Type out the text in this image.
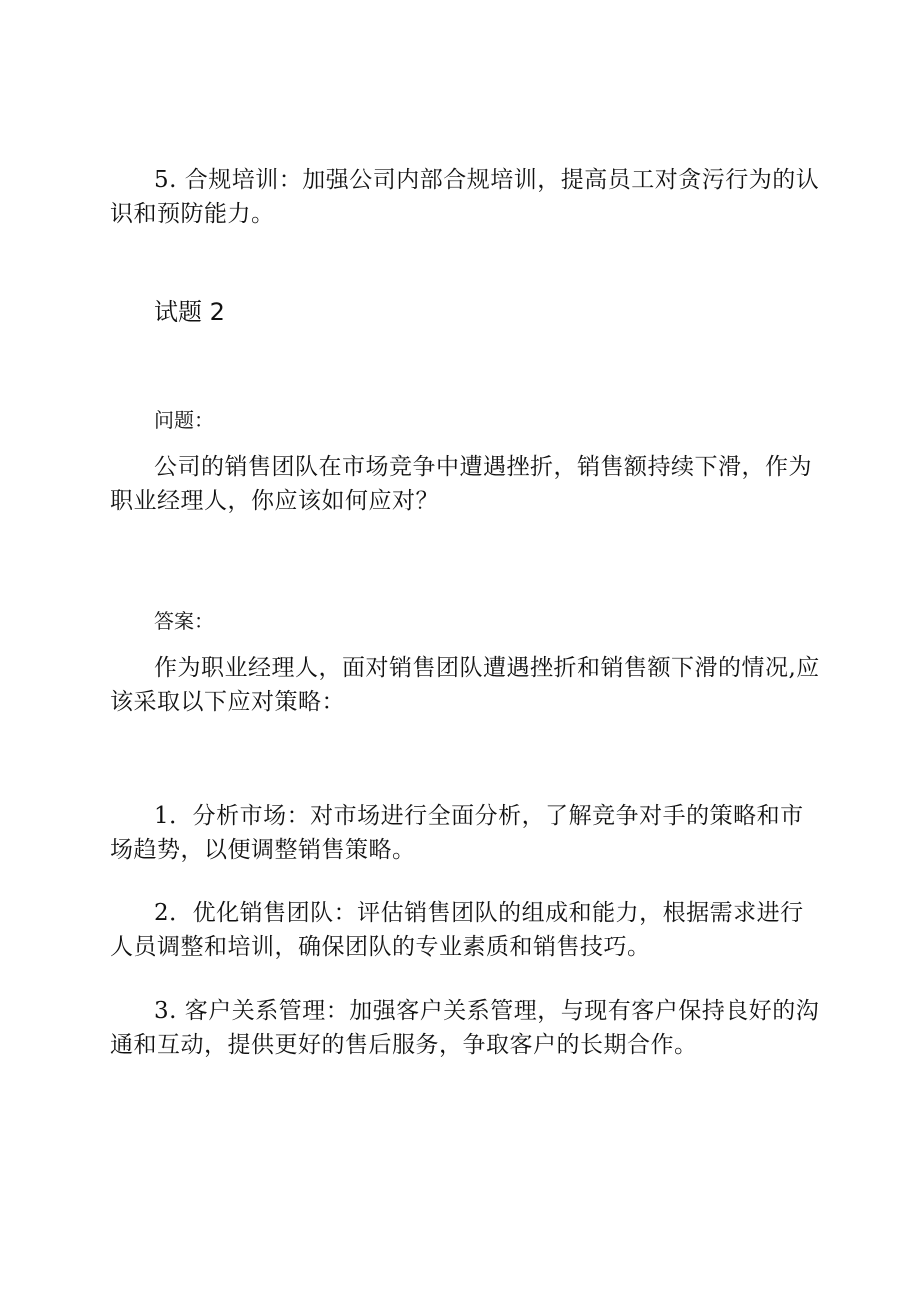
5. 合规培训：加强公司内部合规培训，提高员工对贪污行为的认识和预防能力。
试题 2
问题：
公司的销售团队在市场竞争中遭遇挫折，销售额持续下滑，作为职业经理人，你应该如何应对？
答案：
作为职业经理人，面对销售团队遭遇挫折和销售额下滑的情况,应该采取以下应对策略：
1．分析市场：对市场进行全面分析，了解竞争对手的策略和市场趋势，以便调整销售策略。
2．优化销售团队：评估销售团队的组成和能力，根据需求进行人员调整和培训，确保团队的专业素质和销售技巧。
3. 客户关系管理：加强客户关系管理，与现有客户保持良好的沟通和互动，提供更好的售后服务，争取客户的长期合作。
